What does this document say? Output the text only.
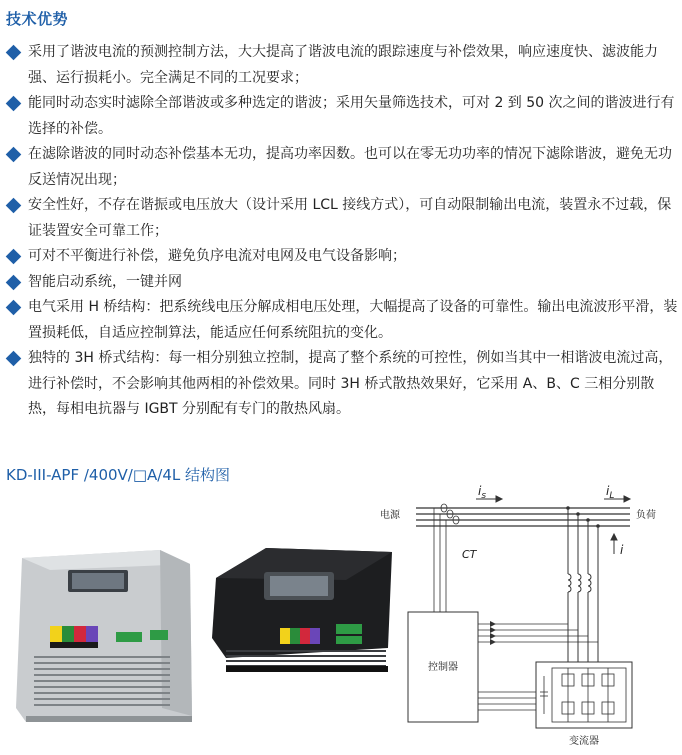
技术优势
采用了谐波电流的预测控制方法，大大提高了谐波电流的跟踪速度与补偿效果，响应速度快、滤波能力强、运行损耗小。完全满足不同的工况要求；
能同时动态实时滤除全部谐波或多种选定的谐波；采用矢量筛选技术，可对 2 到 50 次之间的谐波进行有选择的补偿。
在滤除谐波的同时动态补偿基本无功，提高功率因数。也可以在零无功功率的情况下滤除谐波，避免无功反送情况出现；
安全性好，不存在谐振或电压放大（设计采用 LCL 接线方式），可自动限制输出电流，装置永不过载，保证装置安全可靠工作；
可对不平衡进行补偿，避免负序电流对电网及电气设备影响；
智能启动系统，一键并网
电气采用 H 桥结构：把系统线电压分解成相电压处理，大幅提高了设备的可靠性。输出电流波形平滑，装置损耗低，自适应控制算法，能适应任何系统阻抗的变化。
独特的 3H 桥式结构：每一相分别独立控制，提高了整个系统的可控性，例如当其中一相谐波电流过高，进行补偿时，不会影响其他两相的补偿效果。同时 3H 桥式散热效果好，它采用 A、B、C 三相分别散热，每相电抗器与 IGBT 分别配有专门的散热风扇。
KD-III-APF /400V/□A/4L 结构图
电源	负荷
$i_s$	$i_L$
i
CT
控制器
变流器
